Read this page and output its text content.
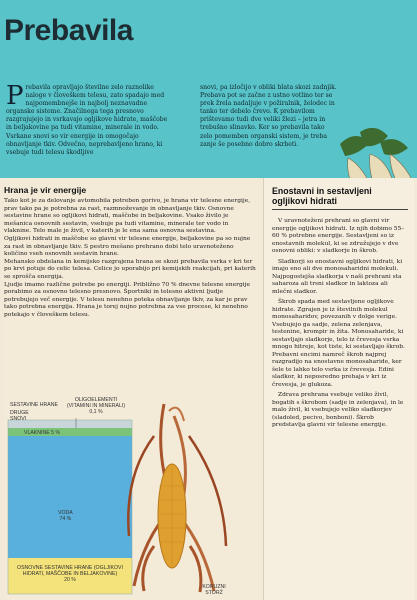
Prebavila
P rebavila opravljajo številne zelo raznolike naloge v človeškem telesu, zato spadajo med najpomembnejše in najbolj neznavadne organske sisteme. Značilnega tega presnovo razgrajujejo in vsrkavajo ogljikove hidrate, maščobe in beljakovine pa tudi vitamine, minerale in vodo. Vsrkane snovi so vir energije in omogočajo obnavljanje tkiv. Odvečno, neprebavljeno hrano, ki vsebuje tudi telesu škodljive
snovi, pa izločijo v obliki blata skozi zadnjik. Prebava pot se začne z ustno votlino ter se prek žrela nadaljuje v požiralnik, želodec in tanko ter debelo črevo. K prebavilom prištevamo tudi dve veliki žlezi – jetra in trebušno slinavko. Ker so prebavila tako zelo pomemben organski sistem, je treba zanje še posebno dobro skrbeti.
Hrana je vir energije

Tako kot je za delovanje avtomobila potreben gorivo, je hrana vir telesne energije, prav tako pa je potrebna za rast, razmnoževanje in obnavljanje tkiv. Osnovne sestavine hrane so ogljikovi hidrati, maščobe in beljakovine. Vsako živilo je mešanica osnovnih sestavin, vsebuje pa tudi vitamine, minerale ter vodo in vlaknine. Telo male je živil, v katerih je le ena sama osnovna sestavina.

Ogljikovi hidrati in maščobe so glavni vir telesne energije, beljakovine pa so nujne za rast in obnavljanje tkiv. S pestro mešano prehrano dobi telo uravnoteženo količino vseh osnovnih sestavin hrane.

Mehansko obdelana in kemijsko razgrajena hrana se skozi prebavila vsrka v kri ter po krvi potuje do celic telesa. Celice jo uporabijo pri kemijskih reakcijah, pri katerih se sprošča energija.

Ljudje imamo različne potrebe po energiji. Približno 70 % dnevne telesne energije porabimo za osnovno telesno presnovo. Športniki in telesno aktivni ljudje potrebujejo več energije. V telesu nenehno poteka obnavljanje tkiv, za kar je prav tako potrebna energija. Hrana je torej nujno potrebna za vse procese, ki nenehno potekajo v človeškem telesu.

SESTAVINE HRANE
OLIGOELEMENTI (VITAMINI IN MINERALI)
0,1 %
DRUGE SNOVI
VLAKNINE 5 %
VODA
74 %
OSNOVNE SESTAVINE HRANE (OGLJIKOVI HIDRATI, MAŠČOBE IN BELJAKOVINE)
20 %
KORUZNI STORŽ
Enostavni in sestavljeni ogljikovi hidrati

V uravnoteženi prehrani so glavni vir energije ogljikovi hidrati. Iz njih dobimo 55–60 % potrebne energije. Sestavljeni so iz enostavnih molekul, ki se združujejo v dve osnovni obliki: v sladkorje in škrob.

Sladkorji so enostavni ogljikovi hidrati, ki imajo eno ali dve monosaharidni molekuli. Najpogostejša sladkorja v naši prehrani sta saharoza ali trsni sladkor in laktoza ali mlečni sladkor.

Škrob spada med sestavljene ogljikove hidrate. Zgrajen je iz številnih molekul monosaharidov, povezanih v dolge verige. Vsebujejo ga sadje, zelena zelenjava, testenine, krompir in žita. Monosaharide, ki sestavljajo sladkorje, telo iz črevesja vsrka mnogo hitreje, kot tiste, ki sestavljajo škrob. Prebavni encimi namreč škrob najprej razgradijo na enostavne monosaharide, ker šele te lahko telo vsrka iz črevesja. Edini sladkor, ki neposredno prehaja v kri iz črevesja, je glukoza.

Zdrava prehrana vsebuje veliko živil, bogatih s škrobom (sadje in zelenjava), in le malo živil, ki vsebujejo veliko sladkorjev (sladoled, pecivo, bonboni). Škrob predstavlja glavni vir telesne energije.
